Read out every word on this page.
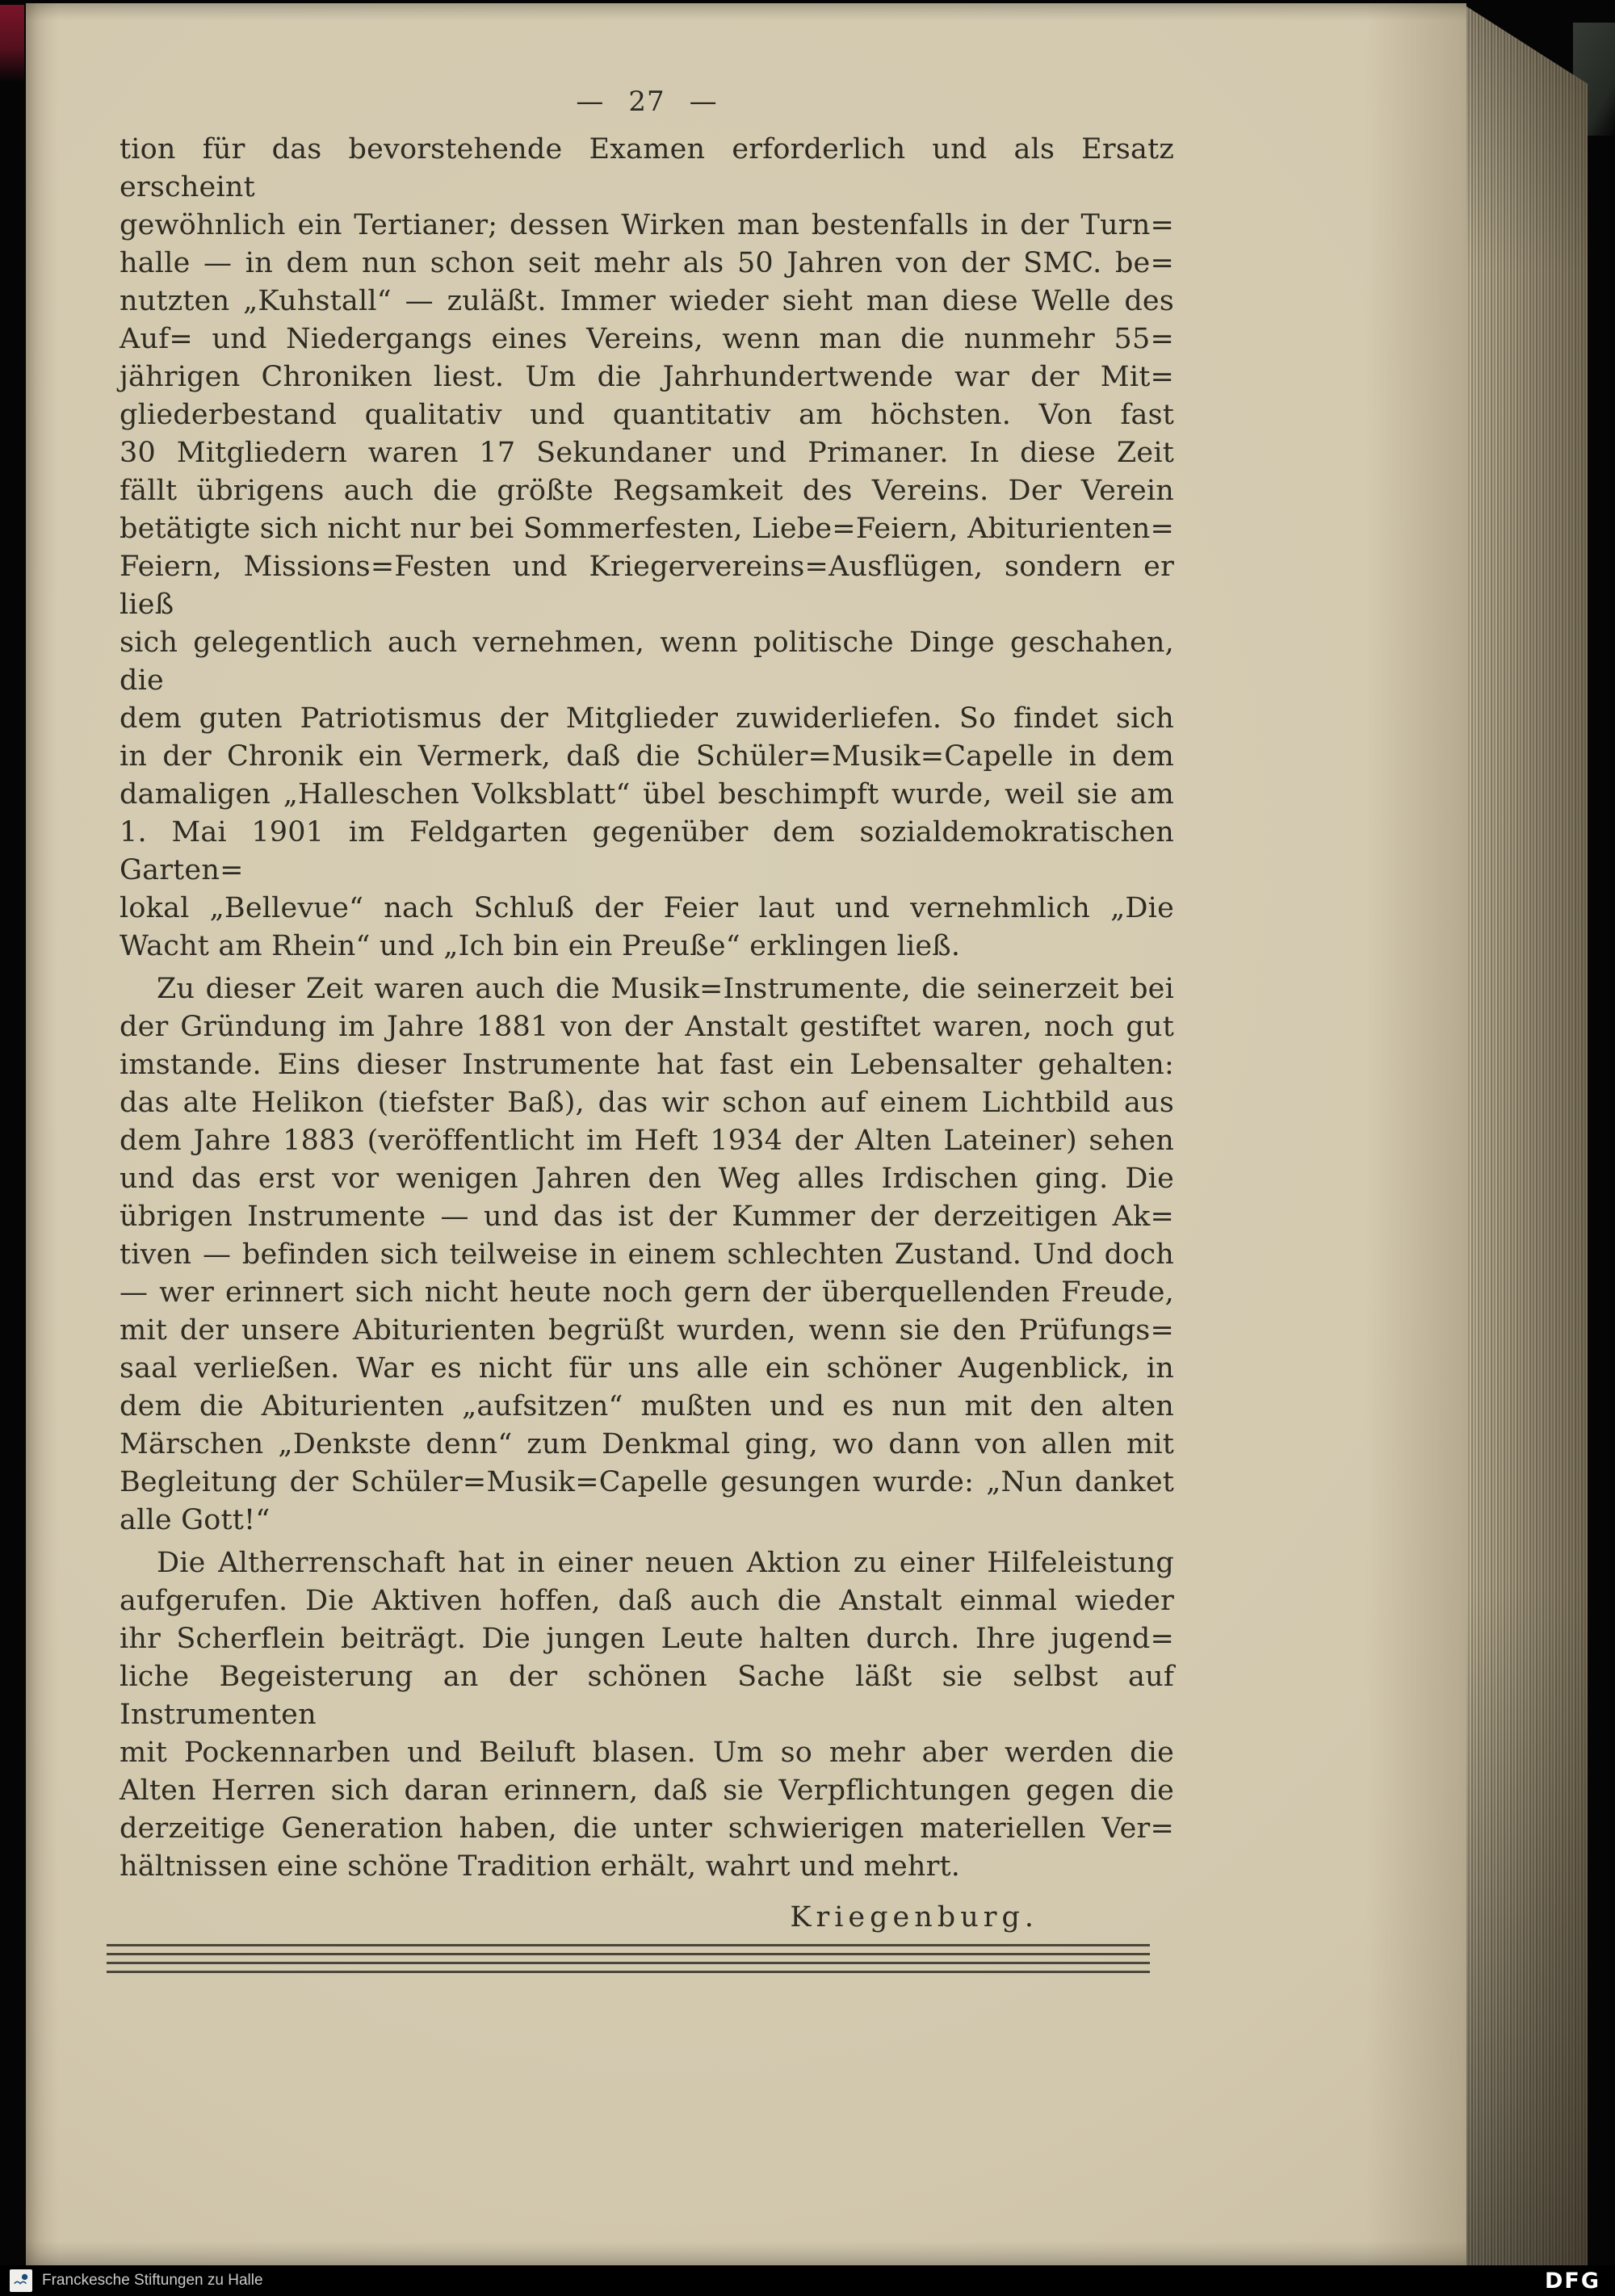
— 27 —
tion für das bevorstehende Examen erforderlich und als Ersatz erscheint
gewöhnlich ein Tertianer; dessen Wirken man bestenfalls in der Turn=
halle — in dem nun schon seit mehr als 50 Jahren von der SMC. be=
nutzten „Kuhstall“ — zuläßt. Immer wieder sieht man diese Welle des
Auf= und Niedergangs eines Vereins, wenn man die nunmehr 55=
jährigen Chroniken liest. Um die Jahrhundertwende war der Mit=
gliederbestand qualitativ und quantitativ am höchsten. Von fast
30 Mitgliedern waren 17 Sekundaner und Primaner. In diese Zeit
fällt übrigens auch die größte Regsamkeit des Vereins. Der Verein
betätigte sich nicht nur bei Sommerfesten, Liebe=Feiern, Abiturienten=
Feiern, Missions=Festen und Kriegervereins=Ausflügen, sondern er ließ
sich gelegentlich auch vernehmen, wenn politische Dinge geschahen, die
dem guten Patriotismus der Mitglieder zuwiderliefen. So findet sich
in der Chronik ein Vermerk, daß die Schüler=Musik=Capelle in dem
damaligen „Halleschen Volksblatt“ übel beschimpft wurde, weil sie am
1. Mai 1901 im Feldgarten gegenüber dem sozialdemokratischen Garten=
lokal „Bellevue“ nach Schluß der Feier laut und vernehmlich „Die
Wacht am Rhein“ und „Ich bin ein Preuße“ erklingen ließ.
Zu dieser Zeit waren auch die Musik=Instrumente, die seinerzeit bei
der Gründung im Jahre 1881 von der Anstalt gestiftet waren, noch gut
imstande. Eins dieser Instrumente hat fast ein Lebensalter gehalten:
das alte Helikon (tiefster Baß), das wir schon auf einem Lichtbild aus
dem Jahre 1883 (veröffentlicht im Heft 1934 der Alten Lateiner) sehen
und das erst vor wenigen Jahren den Weg alles Irdischen ging. Die
übrigen Instrumente — und das ist der Kummer der derzeitigen Ak=
tiven — befinden sich teilweise in einem schlechten Zustand. Und doch
— wer erinnert sich nicht heute noch gern der überquellenden Freude,
mit der unsere Abiturienten begrüßt wurden, wenn sie den Prüfungs=
saal verließen. War es nicht für uns alle ein schöner Augenblick, in
dem die Abiturienten „aufsitzen“ mußten und es nun mit den alten
Märschen „Denkste denn“ zum Denkmal ging, wo dann von allen mit
Begleitung der Schüler=Musik=Capelle gesungen wurde: „Nun danket
alle Gott!“
Die Altherrenschaft hat in einer neuen Aktion zu einer Hilfeleistung
aufgerufen. Die Aktiven hoffen, daß auch die Anstalt einmal wieder
ihr Scherflein beiträgt. Die jungen Leute halten durch. Ihre jugend=
liche Begeisterung an der schönen Sache läßt sie selbst auf Instrumenten
mit Pockennarben und Beiluft blasen. Um so mehr aber werden die
Alten Herren sich daran erinnern, daß sie Verpflichtungen gegen die
derzeitige Generation haben, die unter schwierigen materiellen Ver=
hältnissen eine schöne Tradition erhält, wahrt und mehrt.
Kriegenburg.
Franckesche Stiftungen zu Halle	DFG
